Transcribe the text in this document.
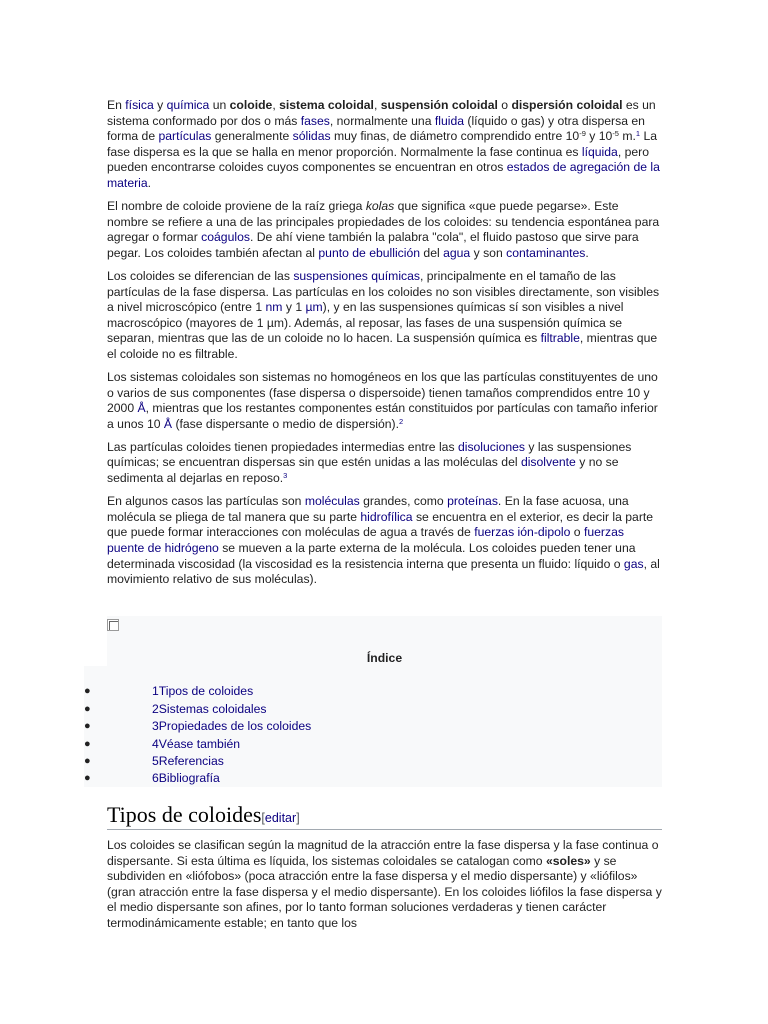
En física y química un coloide, sistema coloidal, suspensión coloidal o dispersión coloidal es un sistema conformado por dos o más fases, normalmente una fluida (líquido o gas) y otra dispersa en forma de partículas generalmente sólidas muy finas, de diámetro comprendido entre $10^{-9}$ y $10^{-5}$ m.$^1$ La fase dispersa es la que se halla en menor proporción. Normalmente la fase continua es líquida, pero pueden encontrarse coloides cuyos componentes se encuentran en otros estados de agregación de la materia.

El nombre de coloide proviene de la raíz griega kolas que significa «que puede pegarse». Este nombre se refiere a una de las principales propiedades de los coloides: su tendencia espontánea para agregar o formar coágulos. De ahí viene también la palabra "cola", el fluido pastoso que sirve para pegar. Los coloides también afectan al punto de ebullición del agua y son contaminantes.

Los coloides se diferencian de las suspensiones químicas, principalmente en el tamaño de las partículas de la fase dispersa. Las partículas en los coloides no son visibles directamente, son visibles a nivel microscópico (entre 1 nm y 1 µm), y en las suspensiones químicas sí son visibles a nivel macroscópico (mayores de 1 µm). Además, al reposar, las fases de una suspensión química se separan, mientras que las de un coloide no lo hacen. La suspensión química es filtrable, mientras que el coloide no es filtrable.

Los sistemas coloidales son sistemas no homogéneos en los que las partículas constituyentes de uno o varios de sus componentes (fase dispersa o dispersoide) tienen tamaños comprendidos entre 10 y 2000 Å, mientras que los restantes componentes están constituidos por partículas con tamaño inferior a unos 10 Å (fase dispersante o medio de dispersión).$^2$

Las partículas coloides tienen propiedades intermedias entre las disoluciones y las suspensiones químicas; se encuentran dispersas sin que estén unidas a las moléculas del disolvente y no se sedimenta al dejarlas en reposo.$^3$

En algunos casos las partículas son moléculas grandes, como proteínas. En la fase acuosa, una molécula se pliega de tal manera que su parte hidrofílica se encuentra en el exterior, es decir la parte que puede formar interacciones con moléculas de agua a través de fuerzas ión-dipolo o fuerzas puente de hidrógeno se mueven a la parte externa de la molécula. Los coloides pueden tener una determinada viscosidad (la viscosidad es la resistencia interna que presenta un fluido: líquido o gas, al movimiento relativo de sus moléculas).

Índice
●	1Tipos de coloides
●	2Sistemas coloidales
●	3Propiedades de los coloides
●	4Véase también
●	5Referencias
●	6Bibliografía
Tipos de coloides[editar]
Los coloides se clasifican según la magnitud de la atracción entre la fase dispersa y la fase continua o dispersante. Si esta última es líquida, los sistemas coloidales se catalogan como «soles» y se subdividen en «liófobos» (poca atracción entre la fase dispersa y el medio dispersante) y «liófilos» (gran atracción entre la fase dispersa y el medio dispersante). En los coloides liófilos la fase dispersa y el medio dispersante son afines, por lo tanto forman soluciones verdaderas y tienen carácter termodinámicamente estable; en tanto que los
